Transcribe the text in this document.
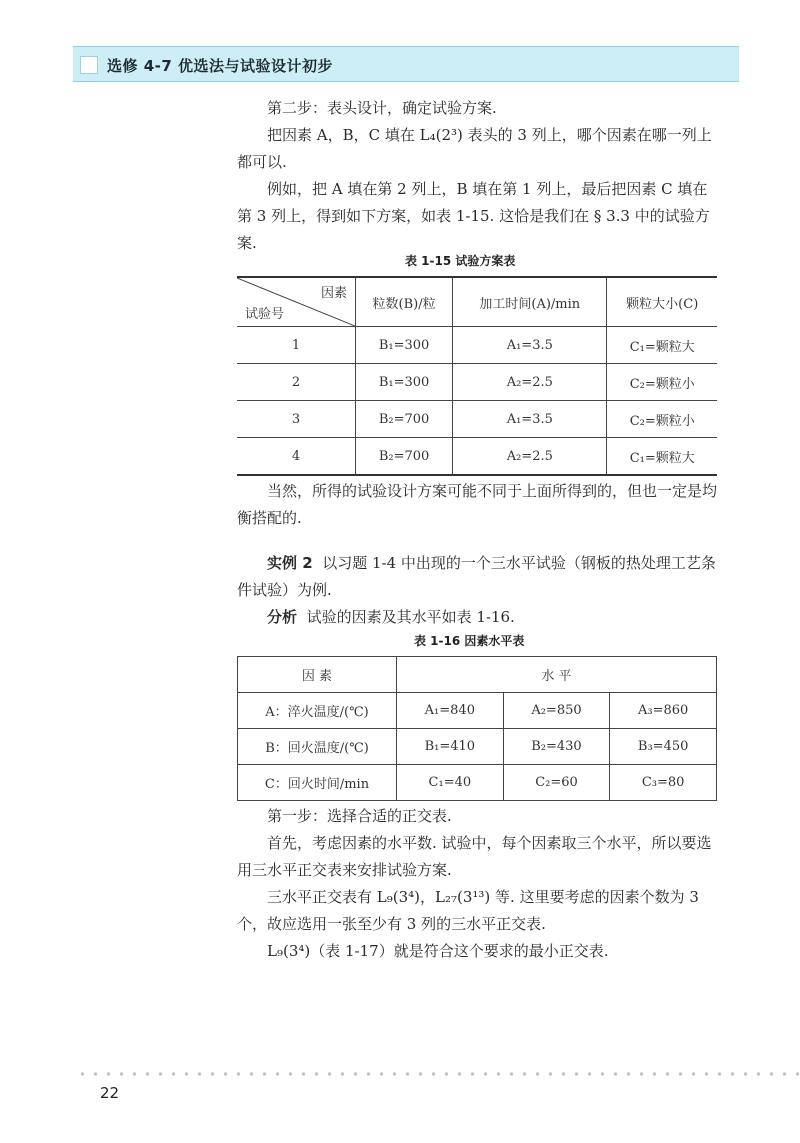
选修 4-7 优选法与试验设计初步

第二步：表头设计，确定试验方案.

把因素 A，B，C 填在 L₄(2³) 表头的 3 列上，哪个因素在哪一列上都可以.

例如，把 A 填在第 2 列上，B 填在第 1 列上，最后把因素 C 填在第 3 列上，得到如下方案，如表 1-15. 这恰是我们在 § 3.3 中的试验方案.

表 1-15 试验方案表
因素
试验号	粒数(B)/粒	加工时间(A)/min	颗粒大小(C)
1	B₁=300	A₁=3.5	C₁=颗粒大
2	B₁=300	A₂=2.5	C₂=颗粒小
3	B₂=700	A₁=3.5	C₂=颗粒小
4	B₂=700	A₂=2.5	C₁=颗粒大

当然，所得的试验设计方案可能不同于上面所得到的，但也一定是均衡搭配的.

实例 2 以习题 1-4 中出现的一个三水平试验（钢板的热处理工艺条件试验）为例.

分析 试验的因素及其水平如表 1-16.

表 1-16 因素水平表
因 素	水 平		
A：淬火温度/(℃)	A₁=840	A₂=850	A₃=860
B：回火温度/(℃)	B₁=410	B₂=430	B₃=450
C：回火时间/min	C₁=40	C₂=60	C₃=80

第一步：选择合适的正交表.

首先，考虑因素的水平数. 试验中，每个因素取三个水平，所以要选用三水平正交表来安排试验方案.

三水平正交表有 L₉(3⁴)，L₂₇(3¹³) 等. 这里要考虑的因素个数为 3 个，故应选用一张至少有 3 列的三水平正交表.

L₉(3⁴)（表 1-17）就是符合这个要求的最小正交表.

22
